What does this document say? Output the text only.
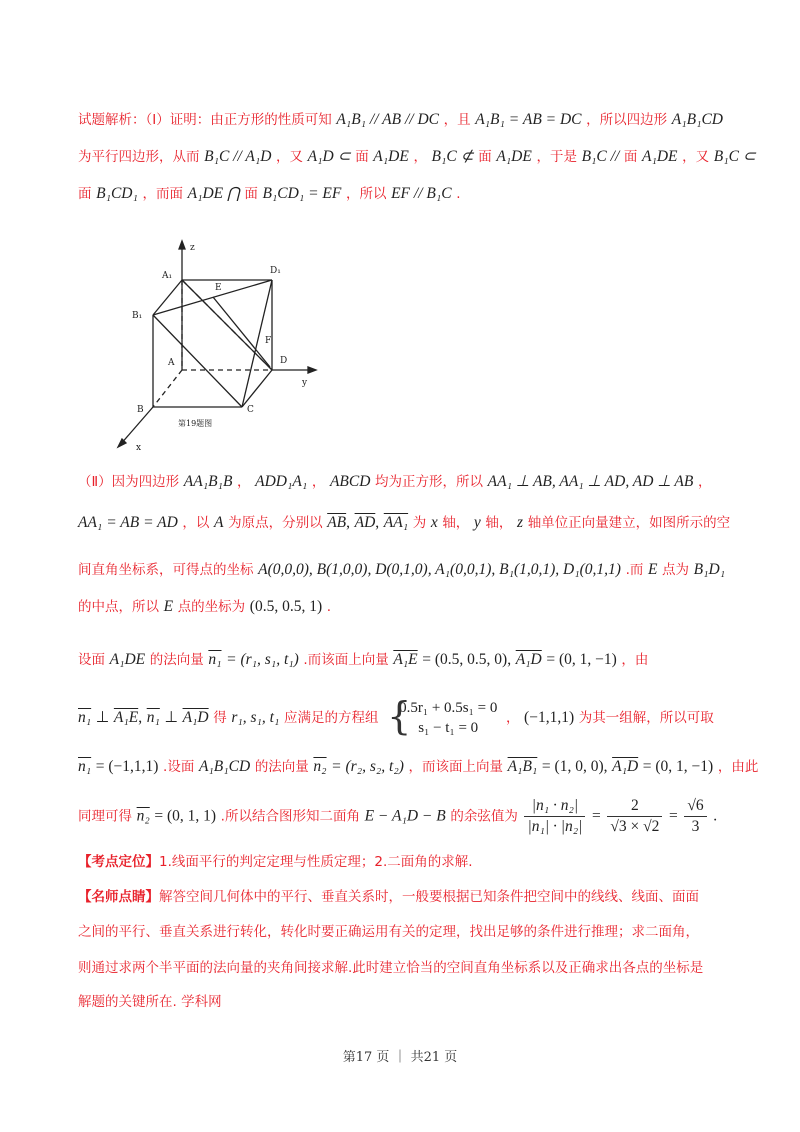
试题解析：（Ⅰ）证明：由正方形的性质可知 A₁B₁ // AB // DC ，且 A₁B₁ = AB = DC ，所以四边形 A₁B₁CD
为平行四边形，从而 B₁C // A₁D ，又 A₁D ⊂ 面 A₁DE ， B₁C ⊄ 面 A₁DE ，于是 B₁C // 面 A₁DE ，又 B₁C ⊂
面 B₁CD₁ ，而面 A₁DE ⋂ 面 B₁CD₁ = EF ，所以 EF // B₁C .
z
y
x
A₁	D₁
B₁
E
F
A	D
B	C
第19题图
（Ⅱ）因为四边形 AA₁B₁B ， ADD₁A₁ ， ABCD 均为正方形，所以 AA₁ ⊥ AB, AA₁ ⊥ AD, AD ⊥ AB ，
AA₁ = AB = AD ，以 A 为原点，分别以 $\overline{AB}$, $\overline{AD}$, AA₁ 为 x 轴， y 轴， z 轴单位正向量建立，如图所示的空
间直角坐标系，可得点的坐标 A(0,0,0), B(1,0,0), D(0,1,0), A₁(0,0,1), B₁(1,0,1), D₁(0,1,1) .而 E 点为 B₁D₁
的中点，所以 E 点的坐标为 (0.5, 0.5, 1) .
设面 A₁DE 的法向量 n₁ = (r₁, s₁, t₁) .而该面上向量 A₁E = (0.5, 0.5, 0), A₁D = (0, 1, −1) ，由
n₁ ⊥ A₁E, n₁ ⊥ A₁D 得 r₁, s₁, t₁ 应满足的方程组 {
0.5r₁ + 0.5s₁ = 0
s₁ − t₁ = 0
， (−1,1,1) 为其一组解，所以可取
n₁ = (−1,1,1) .设面 A₁B₁CD 的法向量 n₂ = (r₂, s₂, t₂) ，而该面上向量 A₁B₁ = (1, 0, 0), A₁D = (0, 1, −1) ，由此
同理可得 n₂ = (0, 1, 1) .所以结合图形知二面角 E − A₁D − B 的余弦值为 $\frac{\text{|n₁ · n₂|}}{\text{|n₁| · |n₂|}} = \frac{2}{√3 \times √2} = \frac{√6}{3}$ .
【考点定位】1.线面平行的判定定理与性质定理；2.二面角的求解.
【名师点睛】解答空间几何体中的平行、垂直关系时，一般要根据已知条件把空间中的线线、线面、面面
之间的平行、垂直关系进行转化，转化时要正确运用有关的定理，找出足够的条件进行推理；求二面角，
则通过求两个半平面的法向量的夹角间接求解.此时建立恰当的空间直角坐标系以及正确求出各点的坐标是
解题的关键所在. 学科网
第17 页 ｜ 共21 页
